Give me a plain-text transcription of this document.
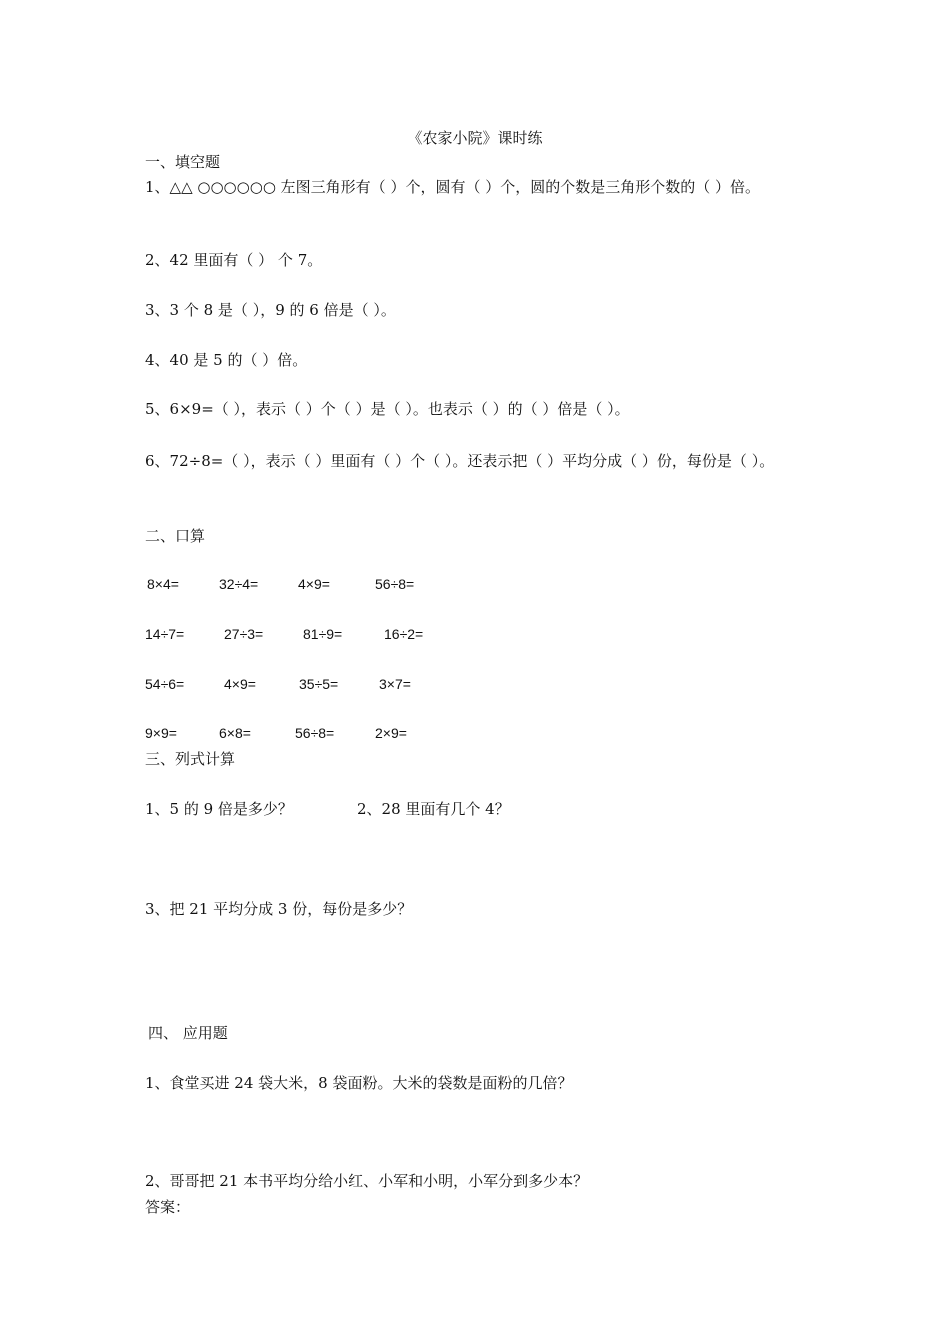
《农家小院》课时练
一、填空题
1、△△ ○○○○○○ 左图三角形有（ ）个，圆有（ ）个，圆的个数是三角形个数的（ ）倍。
2、42 里面有（ ） 个 7。
3、3 个 8 是（ ），9 的 6 倍是（ ）。
4、40 是 5 的（ ）倍。
5、6×9=（ ），表示（ ）个（ ）是（ ）。也表示（ ）的（ ）倍是（ ）。
6、72÷8=（ ），表示（ ）里面有（ ）个（ ）。还表示把（ ）平均分成（ ）份，每份是（ ）。
二、口算
8×4=	32÷4=	4×9=	56÷8=
14÷7=	27÷3=	81÷9=	16÷2=
54÷6=	4×9=	35÷5=	3×7=
9×9=	6×8=	56÷8=	2×9=
三、列式计算
1、5 的 9 倍是多少？	2、28 里面有几个 4？
3、把 21 平均分成 3 份，每份是多少？
四、 应用题
1、食堂买进 24 袋大米，8 袋面粉。大米的袋数是面粉的几倍？
2、哥哥把 21 本书平均分给小红、小军和小明，小军分到多少本？
答案：
